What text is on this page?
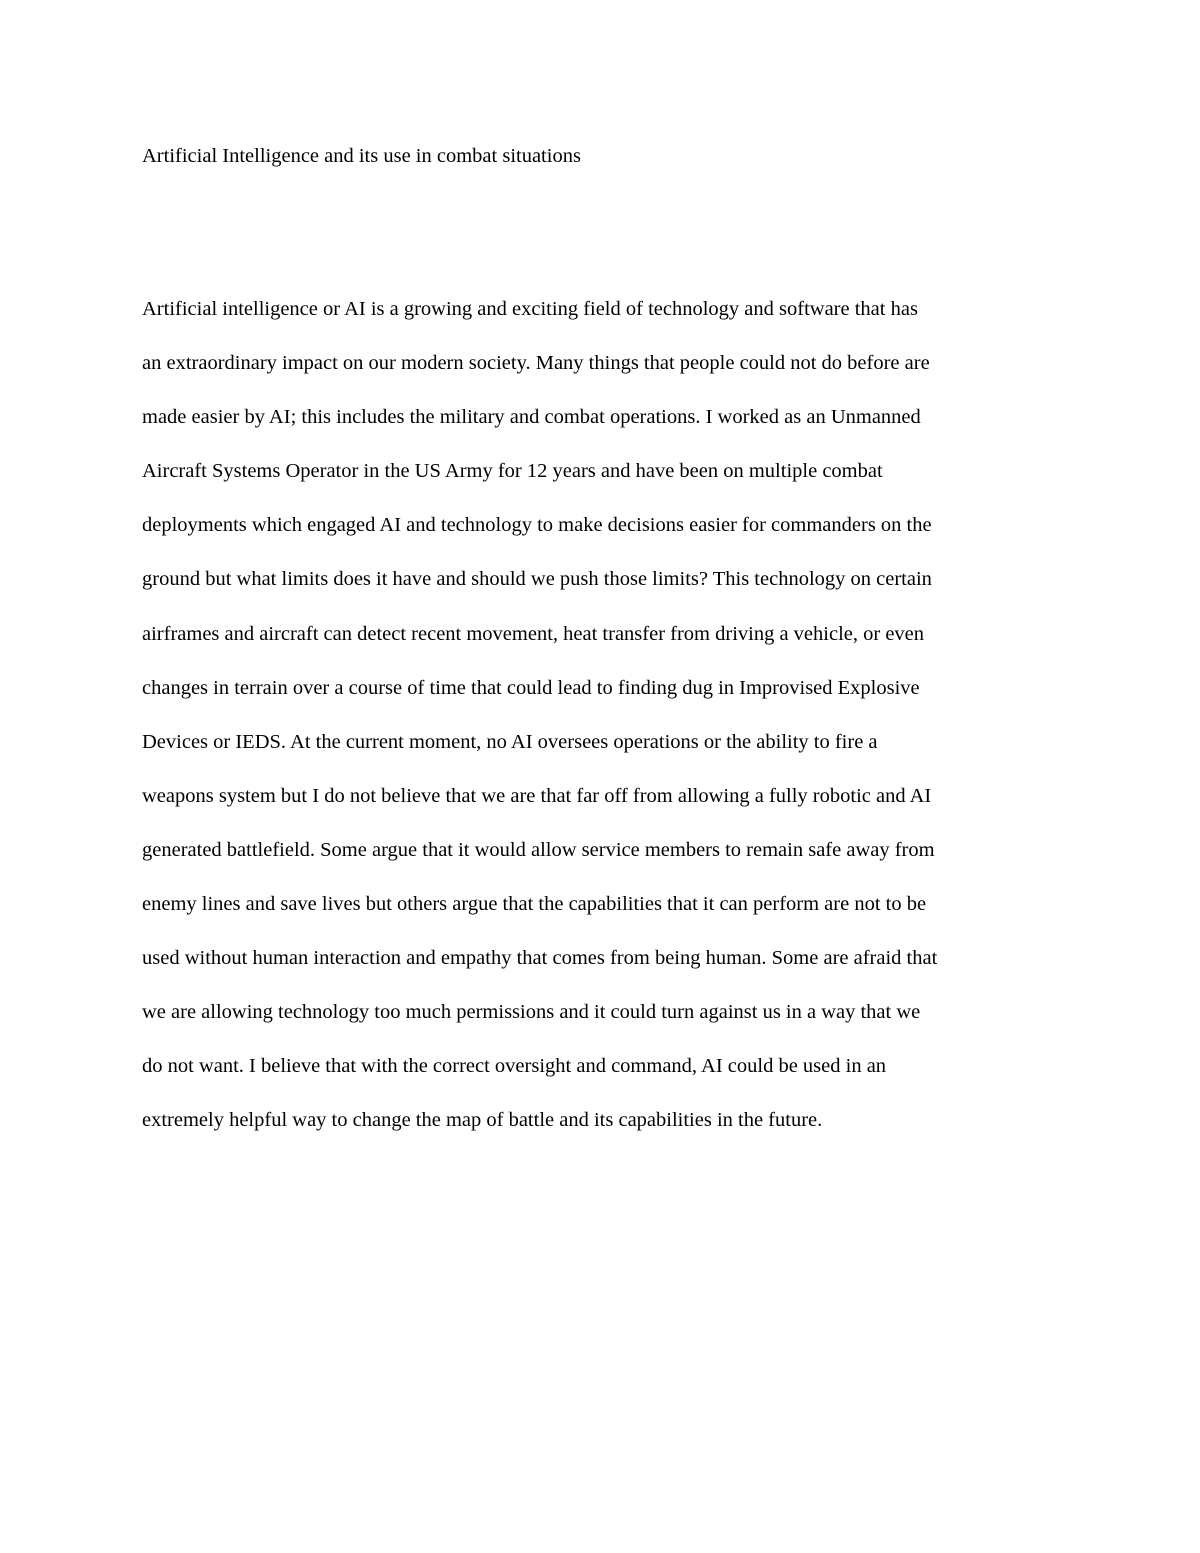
Artificial Intelligence and its use in combat situations
Artificial intelligence or AI is a growing and exciting field of technology and software that has
an extraordinary impact on our modern society. Many things that people could not do before are
made easier by AI; this includes the military and combat operations. I worked as an Unmanned
Aircraft Systems Operator in the US Army for 12 years and have been on multiple combat
deployments which engaged AI and technology to make decisions easier for commanders on the
ground but what limits does it have and should we push those limits? This technology on certain
airframes and aircraft can detect recent movement, heat transfer from driving a vehicle, or even
changes in terrain over a course of time that could lead to finding dug in Improvised Explosive
Devices or IEDS. At the current moment, no AI oversees operations or the ability to fire a
weapons system but I do not believe that we are that far off from allowing a fully robotic and AI
generated battlefield. Some argue that it would allow service members to remain safe away from
enemy lines and save lives but others argue that the capabilities that it can perform are not to be
used without human interaction and empathy that comes from being human. Some are afraid that
we are allowing technology too much permissions and it could turn against us in a way that we
do not want. I believe that with the correct oversight and command, AI could be used in an
extremely helpful way to change the map of battle and its capabilities in the future.
